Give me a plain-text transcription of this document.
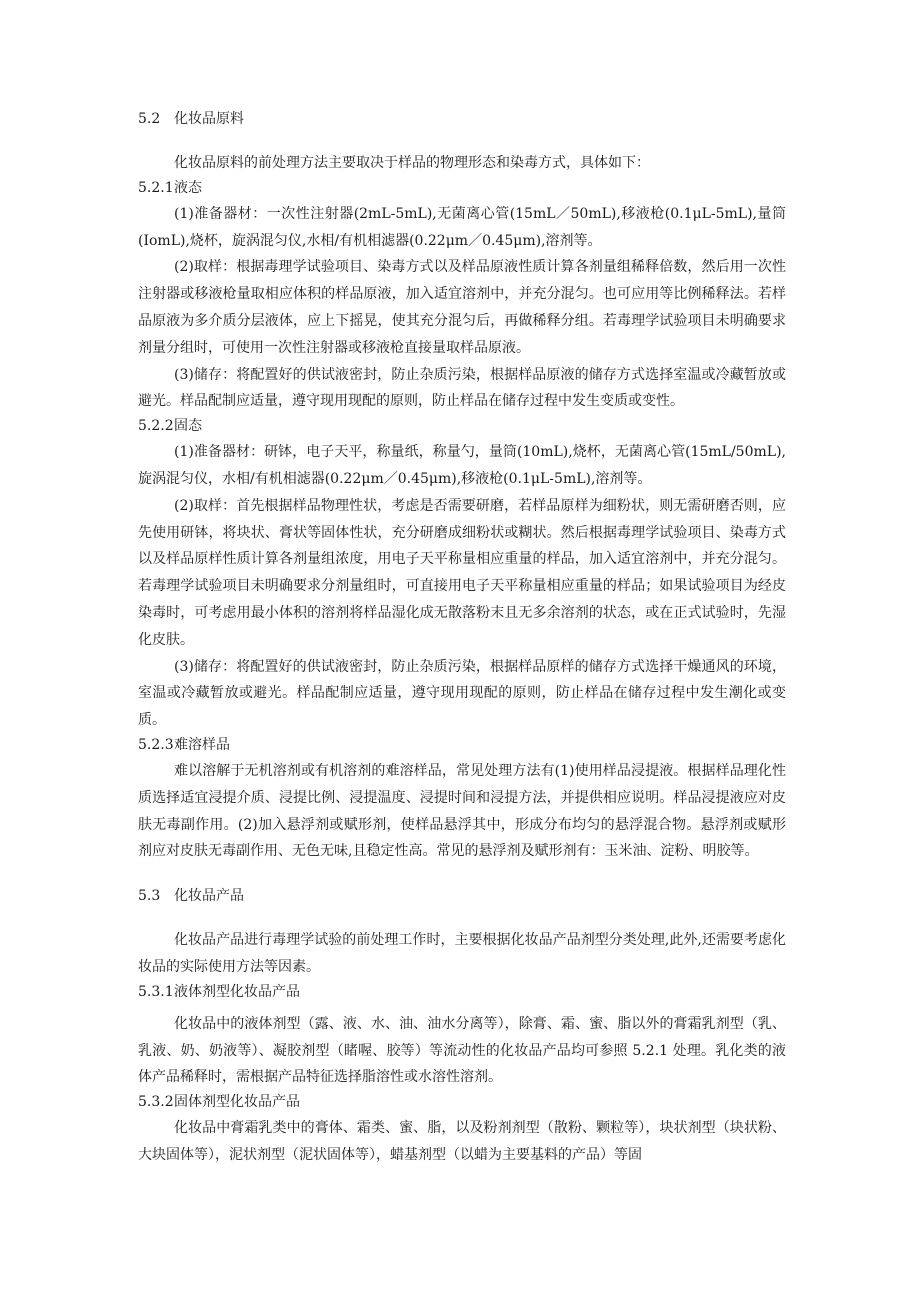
5.2 化妆品原料

化妆品原料的前处理方法主要取决于样品的物理形态和染毒方式，具体如下：

5.2.1液态

(1)准备器材：一次性注射器(2mL-5mL),无菌离心管(15mL／50mL),移液枪(0.1μL-5mL),量筒(IomL),烧杯，旋涡混匀仪,水相/有机相滤器(0.22μm／0.45μm),溶剂等。

(2)取样：根据毒理学试验项目、染毒方式以及样品原液性质计算各剂量组稀释倍数，然后用一次性注射器或移液枪量取相应体积的样品原液，加入适宜溶剂中，并充分混匀。也可应用等比例稀释法。若样品原液为多介质分层液体，应上下摇晃，使其充分混匀后，再做稀释分组。若毒理学试验项目未明确要求剂量分组时，可使用一次性注射器或移液枪直接量取样品原液。

(3)储存：将配置好的供试液密封，防止杂质污染，根据样品原液的储存方式选择室温或冷藏暂放或避光。样品配制应适量，遵守现用现配的原则，防止样品在储存过程中发生变质或变性。

5.2.2固态

(1)准备器材：研钵，电子天平，称量纸，称量勺，量筒(10mL),烧杯，无菌离心管(15mL/50mL),旋涡混匀仪，水相/有机相滤器(0.22μm／0.45μm),移液枪(0.1μL-5mL),溶剂等。

(2)取样：首先根据样品物理性状，考虑是否需要研磨，若样品原样为细粉状，则无需研磨否则，应先使用研钵，将块状、膏状等固体性状，充分研磨成细粉状或糊状。然后根据毒理学试验项目、染毒方式以及样品原样性质计算各剂量组浓度，用电子天平称量相应重量的样品，加入适宜溶剂中，并充分混匀。若毒理学试验项目未明确要求分剂量组时，可直接用电子天平称量相应重量的样品；如果试验项目为经皮染毒时，可考虑用最小体积的溶剂将样品湿化成无散落粉末且无多余溶剂的状态，或在正式试验时，先湿化皮肤。

(3)储存：将配置好的供试液密封，防止杂质污染，根据样品原样的储存方式选择干燥通风的环境，室温或冷藏暂放或避光。样品配制应适量，遵守现用现配的原则，防止样品在储存过程中发生潮化或变质。

5.2.3难溶样品

难以溶解于无机溶剂或有机溶剂的难溶样品，常见处理方法有(1)使用样品浸提液。根据样品理化性质选择适宜浸提介质、浸提比例、浸提温度、浸提时间和浸提方法，并提供相应说明。样品浸提液应对皮肤无毒副作用。(2)加入悬浮剂或赋形剂，使样品悬浮其中，形成分布均匀的悬浮混合物。悬浮剂或赋形剂应对皮肤无毒副作用、无色无味,且稳定性高。常见的悬浮剂及赋形剂有：玉米油、淀粉、明胶等。

5.3 化妆品产品

化妆品产品进行毒理学试验的前处理工作时，主要根据化妆品产品剂型分类处理,此外,还需要考虑化妆品的实际使用方法等因素。

5.3.1液体剂型化妆品产品

化妆品中的液体剂型（露、液、水、油、油水分离等），除膏、霜、蜜、脂以外的膏霜乳剂型（乳、乳液、奶、奶液等）、凝胶剂型（睹喔、胶等）等流动性的化妆品产品均可参照 5.2.1 处理。乳化类的液体产品稀释时，需根据产品特征选择脂溶性或水溶性溶剂。

5.3.2固体剂型化妆品产品

化妆品中膏霜乳类中的膏体、霜类、蜜、脂，以及粉剂剂型（散粉、颗粒等），块状剂型（块状粉、大块固体等），泥状剂型（泥状固体等），蜡基剂型（以蜡为主要基料的产品）等固
